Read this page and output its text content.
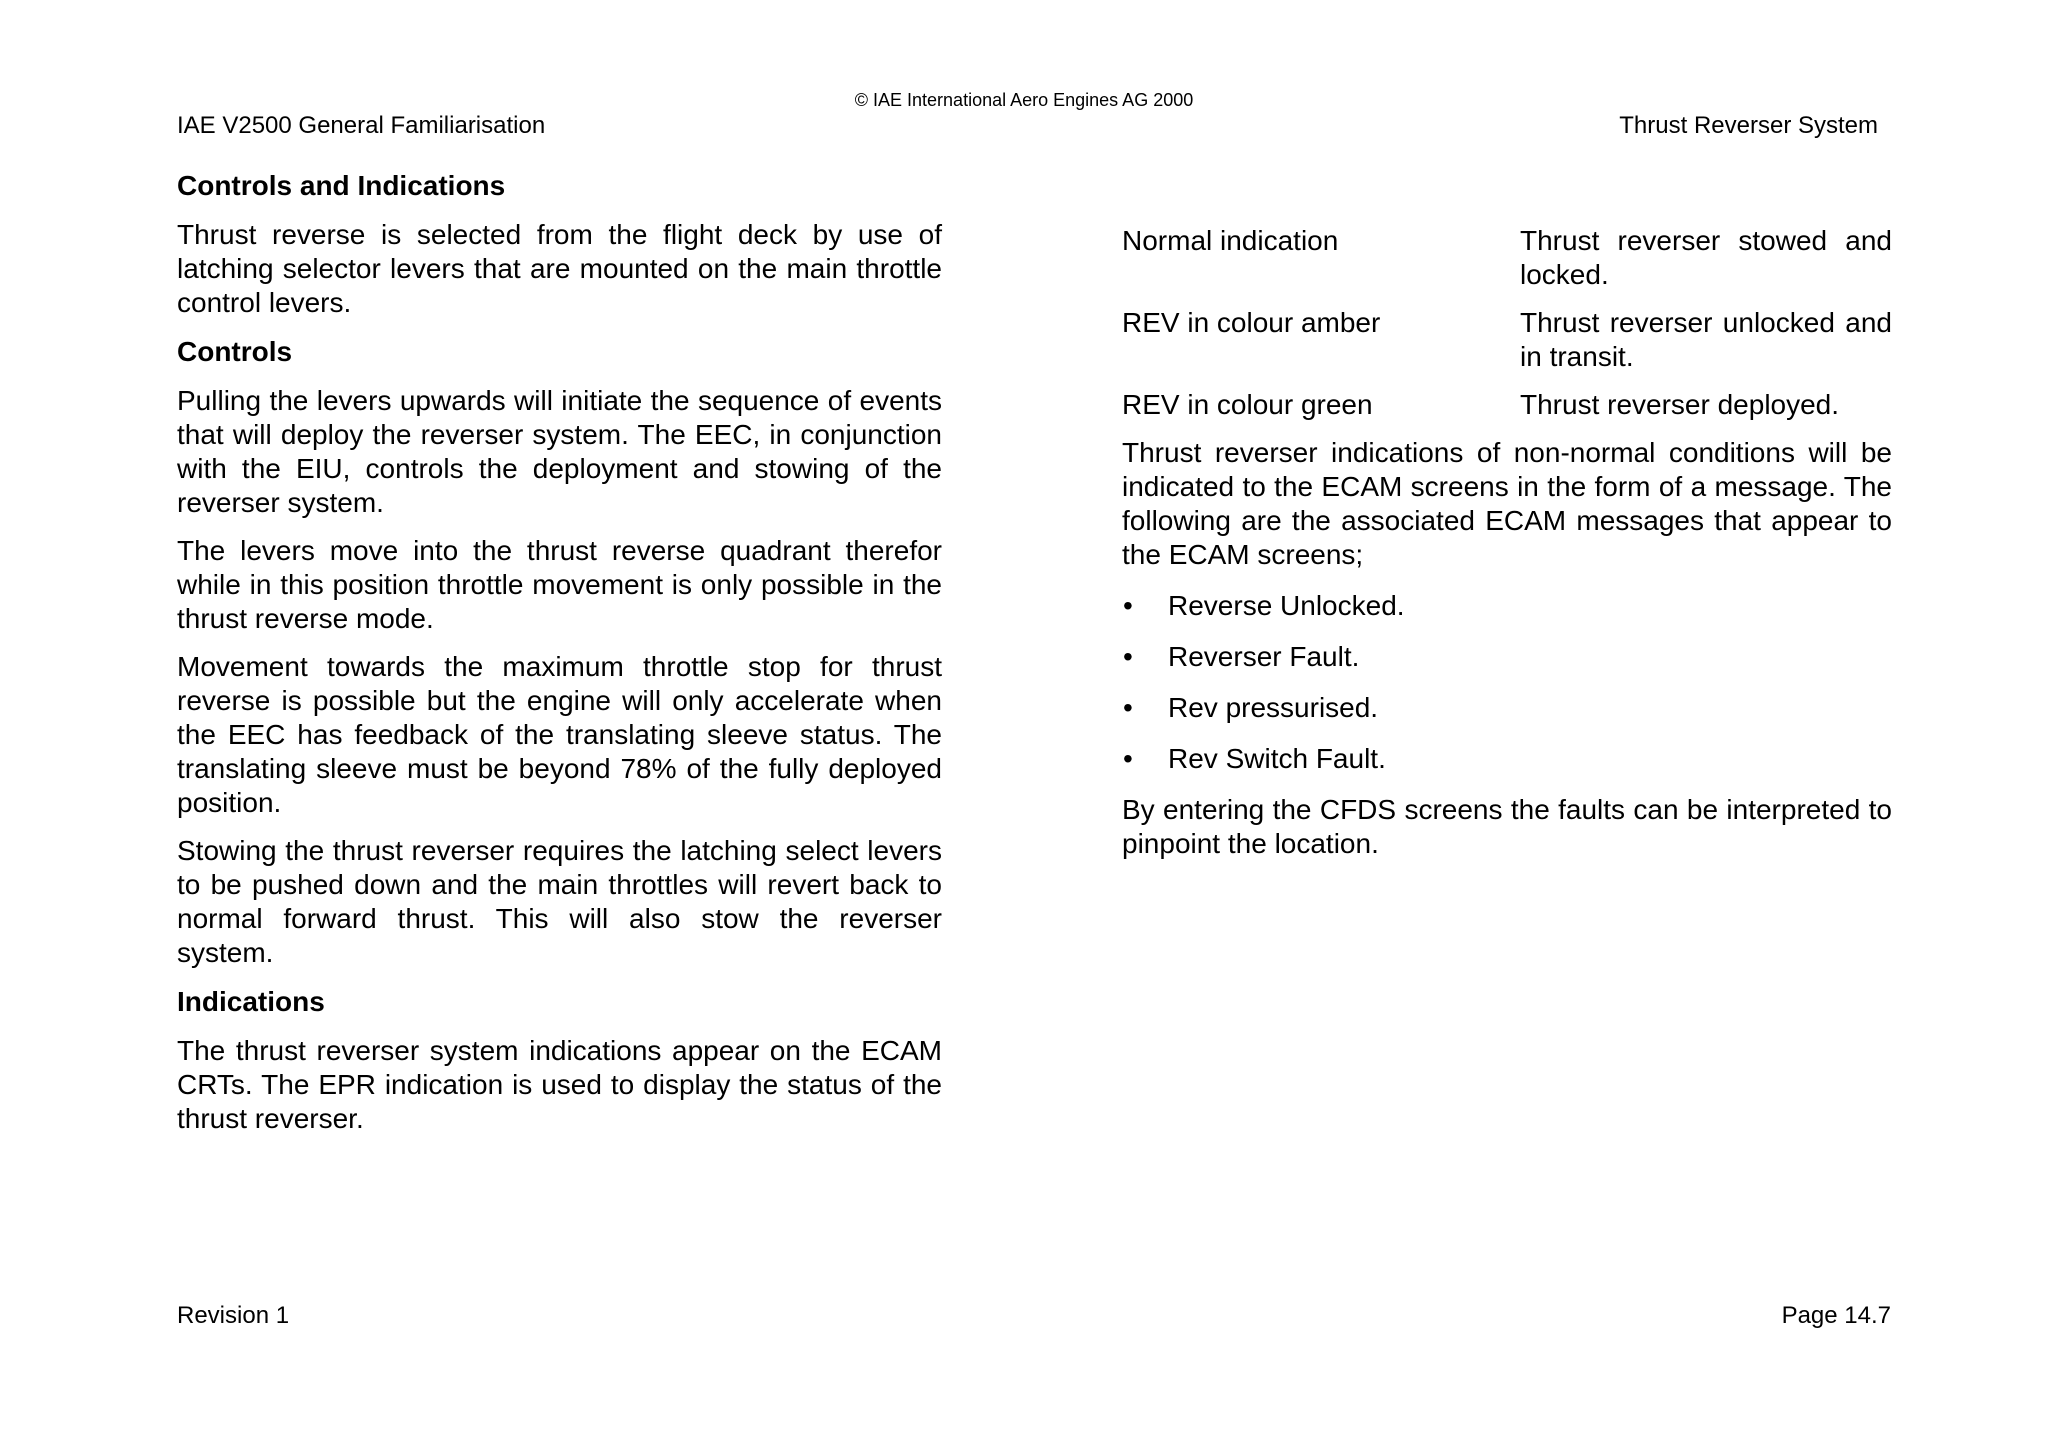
© IAE International Aero Engines AG 2000
IAE V2500 General Familiarisation	Thrust Reverser System
Controls and Indications

Thrust reverse is selected from the flight deck by use of latching selector levers that are mounted on the main throttle control levers.

Controls

Pulling the levers upwards will initiate the sequence of events that will deploy the reverser system. The EEC, in conjunction with the EIU, controls the deployment and stowing of the reverser system.

The levers move into the thrust reverse quadrant therefor while in this position throttle movement is only possible in the thrust reverse mode.

Movement towards the maximum throttle stop for thrust reverse is possible but the engine will only accelerate when the EEC has feedback of the translating sleeve status. The translating sleeve must be beyond 78% of the fully deployed position.

Stowing the thrust reverser requires the latching select levers to be pushed down and the main throttles will revert back to normal forward thrust. This will also stow the reverser system.

Indications

The thrust reverser system indications appear on the ECAM CRTs. The EPR indication is used to display the status of the thrust reverser.

Normal indication	Thrust reverser stowed and locked.
REV in colour amber	Thrust reverser unlocked and in transit.
REV in colour green	Thrust reverser deployed.

Thrust reverser indications of non-normal conditions will be indicated to the ECAM screens in the form of a message. The following are the associated ECAM messages that appear to the ECAM screens;

•	Reverse Unlocked.
•	Reverser Fault.
•	Rev pressurised.
•	Rev Switch Fault.

By entering the CFDS screens the faults can be interpreted to pinpoint the location.

Revision 1	Page 14.7
